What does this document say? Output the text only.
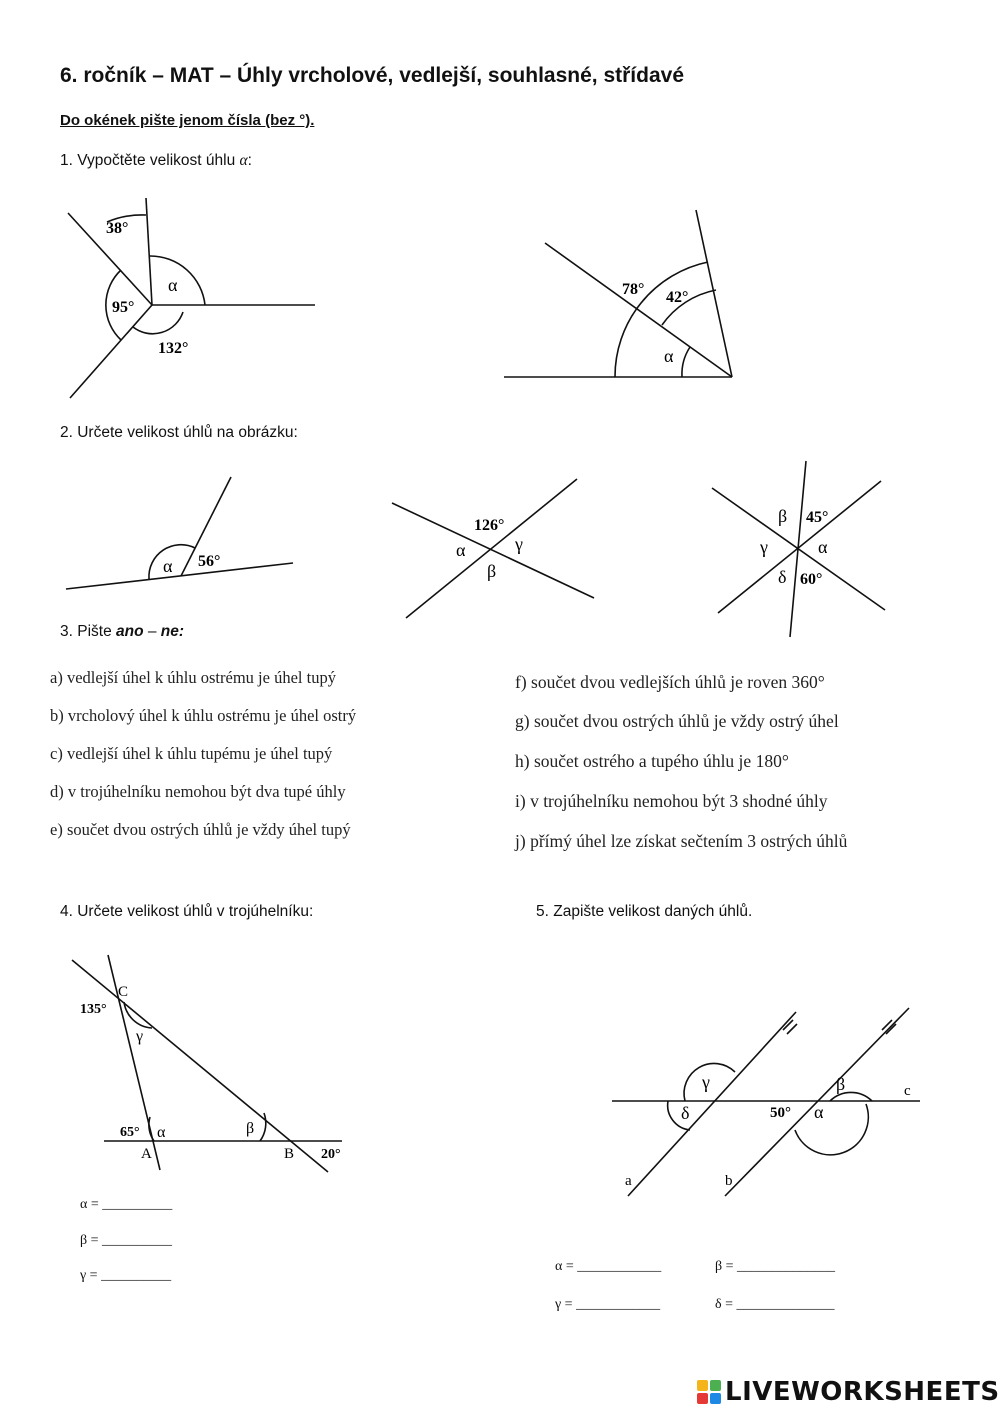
6. ročník – MAT – Úhly vrcholové, vedlejší, souhlasné, střídavé
Do okének pište jenom čísla (bez °).
1. Vypočtěte velikost úhlu α:
38°
95°
132°
α	78° 42°
α
α 56°
126°
α
β
γ
β 45°
γ	α
δ 60°
C
135°
γ
65° α	β
A	B 20°
γ
δ
β
50° α
c
a	b
2. Určete velikost úhlů na obrázku:
3. Pište ano – ne:
a) vedlejší úhel k úhlu ostrému je úhel tupý
b) vrcholový úhel k úhlu ostrému je úhel ostrý
c) vedlejší úhel k úhlu tupému je úhel tupý
d) v trojúhelníku nemohou být dva tupé úhly
e) součet dvou ostrých úhlů je vždy úhel tupý
f) součet dvou vedlejších úhlů je roven 360°
g) součet dvou ostrých úhlů je vždy ostrý úhel
h) součet ostrého a tupého úhlu je 180°
i) v trojúhelníku nemohou být 3 shodné úhly
j) přímý úhel lze získat sečtením 3 ostrých úhlů
4. Určete velikost úhlů v trojúhelníku:	5. Zapište velikost daných úhlů.
α = __________
β = __________
γ = __________
α = ____________	β = ______________
γ = ____________	δ = ______________
LIVEWORKSHEETS
